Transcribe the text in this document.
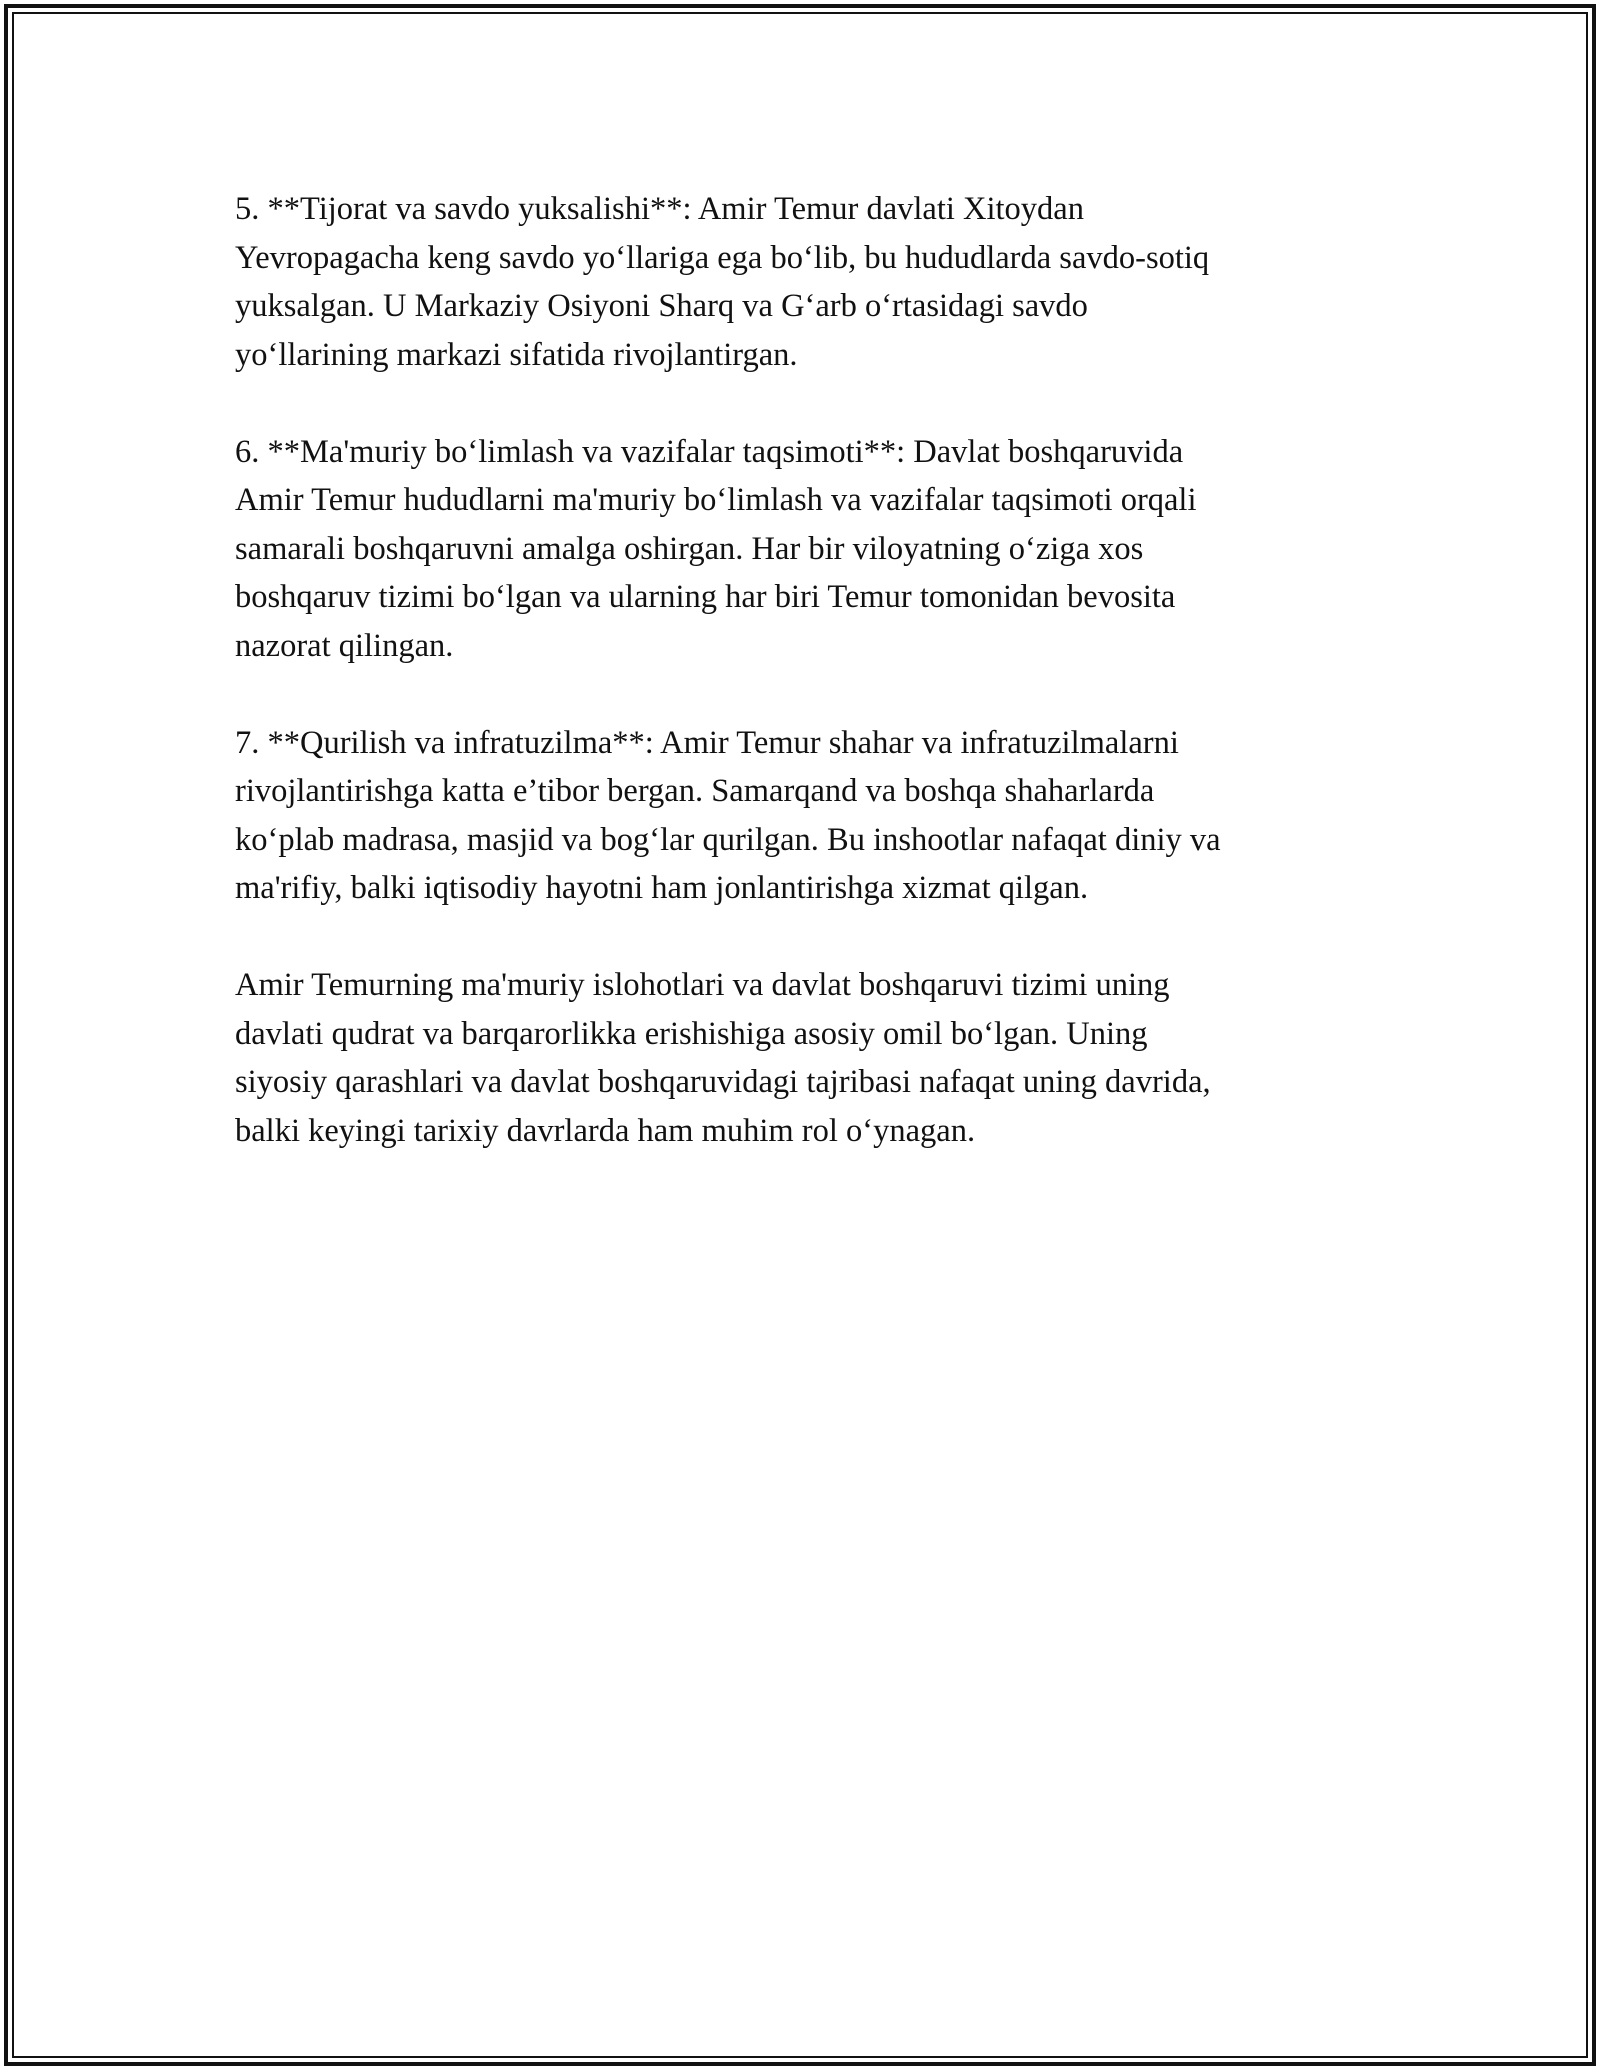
5. **Tijorat va savdo yuksalishi**: Amir Temur davlati Xitoydan
Yevropagacha keng savdo yo‘llariga ega bo‘lib, bu hududlarda savdo-sotiq
yuksalgan. U Markaziy Osiyoni Sharq va G‘arb o‘rtasidagi savdo
yo‘llarining markazi sifatida rivojlantirgan.

6. **Ma'muriy bo‘limlash va vazifalar taqsimoti**: Davlat boshqaruvida
Amir Temur hududlarni ma'muriy bo‘limlash va vazifalar taqsimoti orqali
samarali boshqaruvni amalga oshirgan. Har bir viloyatning o‘ziga xos
boshqaruv tizimi bo‘lgan va ularning har biri Temur tomonidan bevosita
nazorat qilingan.

7. **Qurilish va infratuzilma**: Amir Temur shahar va infratuzilmalarni
rivojlantirishga katta e’tibor bergan. Samarqand va boshqa shaharlarda
ko‘plab madrasa, masjid va bog‘lar qurilgan. Bu inshootlar nafaqat diniy va
ma'rifiy, balki iqtisodiy hayotni ham jonlantirishga xizmat qilgan.

Amir Temurning ma'muriy islohotlari va davlat boshqaruvi tizimi uning
davlati qudrat va barqarorlikka erishishiga asosiy omil bo‘lgan. Uning
siyosiy qarashlari va davlat boshqaruvidagi tajribasi nafaqat uning davrida,
balki keyingi tarixiy davrlarda ham muhim rol o‘ynagan.
